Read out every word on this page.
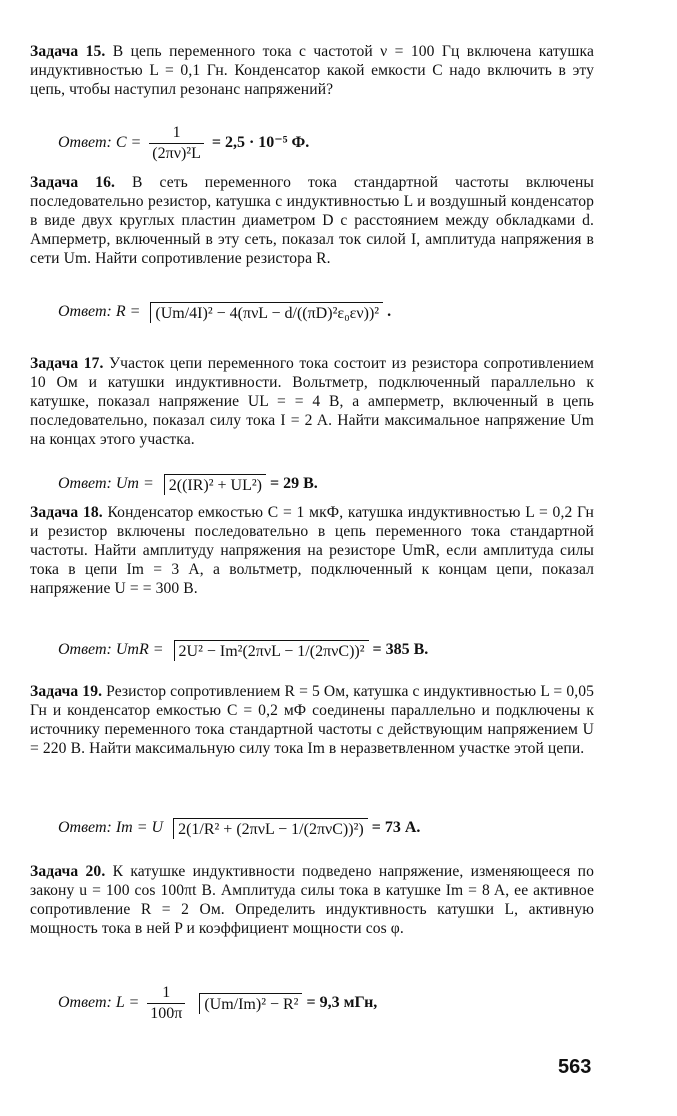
Задача 15. В цепь переменного тока с частотой ν = 100 Гц включена катушка индуктивностью L = 0,1 Гн. Конденсатор какой емкости C надо включить в эту цепь, чтобы наступил резонанс напряжений?
Ответ: $C = \frac{1}{\text{(2πν)²L}} = 2,5 \cdot 10^{-5}$ Ф.
Задача 16. В сеть переменного тока стандартной частоты включены последовательно резистор, катушка с индуктивностью L и воздушный конденсатор в виде двух круглых пластин диаметром D с расстоянием между обкладками d. Амперметр, включенный в эту сеть, показал ток силой I, амплитуда напряжения в сети Um. Найти сопротивление резистора R.
Ответ: R = (Um/4I)² − 4(πνL − d/((πD)²ε₀εν))² .
Задача 17. Участок цепи переменного тока состоит из резистора сопротивлением 10 Ом и катушки индуктивности. Вольтметр, подключенный параллельно к катушке, показал напряжение UL = = 4 В, а амперметр, включенный в цепь последовательно, показал силу тока I = 2 A. Найти максимальное напряжение Um на концах этого участка.
Ответ: Um = 2((IR)² + UL²) = 29 В.
Задача 18. Конденсатор емкостью C = 1 мкФ, катушка индуктивностью L = 0,2 Гн и резистор включены последовательно в цепь переменного тока стандартной частоты. Найти амплитуду напряжения на резисторе UmR, если амплитуда силы тока в цепи Im = 3 А, а вольтметр, подключенный к концам цепи, показал напряжение U = = 300 В.
Ответ: UmR = 2U² − Im²(2πνL − 1/(2πνC))² = 385 В.
Задача 19. Резистор сопротивлением R = 5 Ом, катушка с индуктивностью L = 0,05 Гн и конденсатор емкостью C = 0,2 мФ соединены параллельно и подключены к источнику переменного тока стандартной частоты с действующим напряжением U = 220 В. Найти максимальную силу тока Im в неразветвленном участке этой цепи.
Ответ: Im = U 2(1/R² + (2πνL − 1/(2πνC))²) = 73 А.
Задача 20. К катушке индуктивности подведено напряжение, изменяющееся по закону u = 100 cos 100πt B. Амплитуда силы тока в катушке Im = 8 A, ее активное сопротивление R = 2 Ом. Определить индуктивность катушки L, активную мощность тока в ней P и коэффициент мощности cos φ.
Ответ: $L = \frac{1}{100\pi} (Um/Im)^2 - R^2 = 9,3$ мГн,
563
